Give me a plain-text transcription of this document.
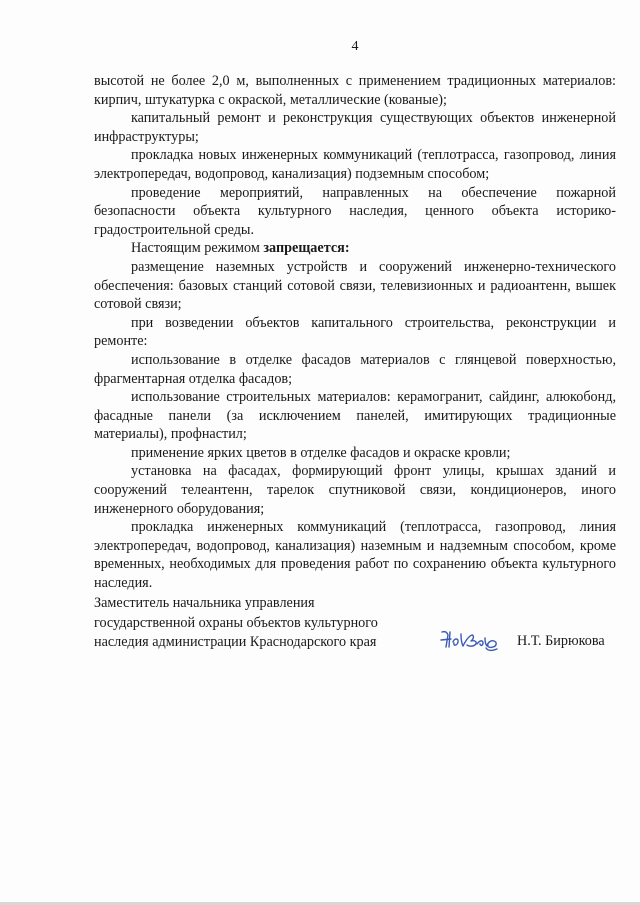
4

высотой не более 2,0 м, выполненных с применением традиционных материалов: кирпич, штукатурка с окраской, металлические (кованые);

капитальный ремонт и реконструкция существующих объектов инженерной инфраструктуры;

прокладка новых инженерных коммуникаций (теплотрасса, газопровод, линия электропередач, водопровод, канализация) подземным способом;

проведение мероприятий, направленных на обеспечение пожарной безопасности объекта культурного наследия, ценного объекта историко-градостроительной среды.

Настоящим режимом запрещается:

размещение наземных устройств и сооружений инженерно-технического обеспечения: базовых станций сотовой связи, телевизионных и радиоантенн, вышек сотовой связи;

при возведении объектов капитального строительства, реконструкции и ремонте:

использование в отделке фасадов материалов с глянцевой поверхностью, фрагментарная отделка фасадов;

использование строительных материалов: керамогранит, сайдинг, алюкобонд, фасадные панели (за исключением панелей, имитирующих традиционные материалы), профнастил;

применение ярких цветов в отделке фасадов и окраске кровли;

установка на фасадах, формирующий фронт улицы, крышах зданий и сооружений телеантенн, тарелок спутниковой связи, кондиционеров, иного инженерного оборудования;

прокладка инженерных коммуникаций (теплотрасса, газопровод, линия электропередач, водопровод, канализация) наземным и надземным способом, кроме временных, необходимых для проведения работ по сохранению объекта культурного наследия.

Заместитель начальника управления

государственной охраны объектов культурного

наследия администрации Краснодарского края	Н.Т. Бирюкова
